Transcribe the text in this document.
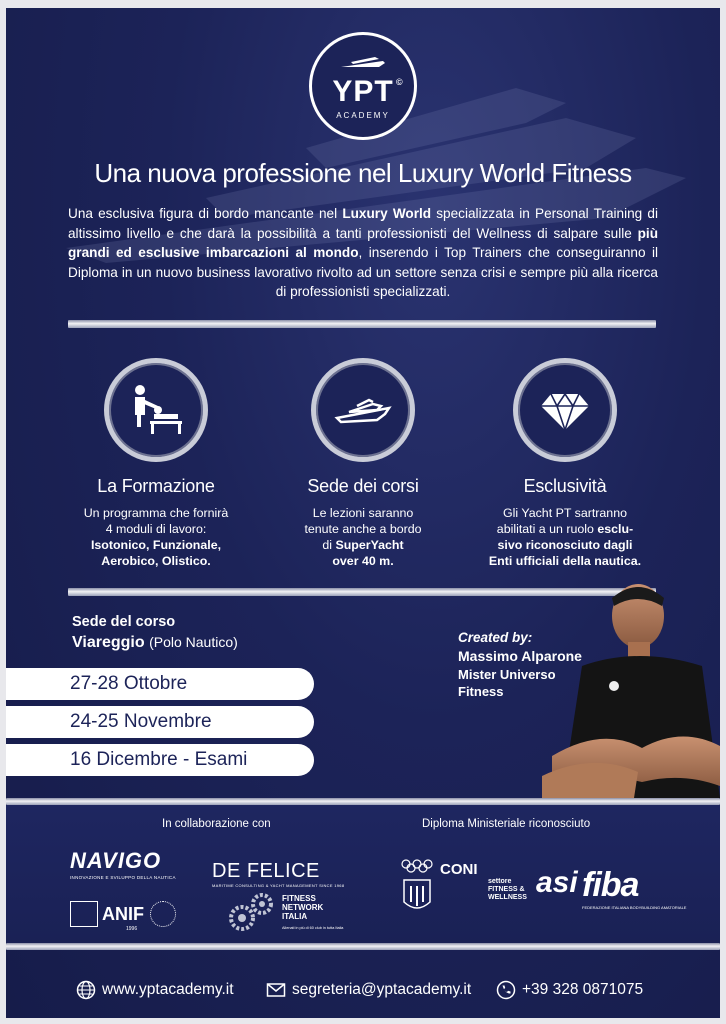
YPT ©
ACADEMY
Una nuova professione nel Luxury World Fitness

Una esclusiva figura di bordo mancante nel Luxury World specializzata in Personal Training di altissimo livello e che darà la possibilità a tanti professionisti del Wellness di salpare sulle più grandi ed esclusive imbarcazioni al mondo, inserendo i Top Trainers che conseguiranno il Diploma in un nuovo business lavorativo rivolto ad un settore senza crisi e sempre più alla ricerca di professionisti specializzati.

La Formazione

Un programma che fornirà
4 moduli di lavoro:
Isotonico, Funzionale,
Aerobico, Olistico.

Sede dei corsi

Le lezioni saranno
tenute anche a bordo
di SuperYacht
over 40 m.

Esclusività

Gli Yacht PT sartranno
abilitati a un ruolo esclu-
sivo riconosciuto dagli
Enti ufficiali della nautica.

Sede del corso
Viareggio (Polo Nautico)
27-28 Ottobre
24-25 Novembre
16 Dicembre - Esami
Created by:
Massimo Alparone
Mister Universo
Fitness
In collaborazione con	Diploma Ministeriale riconosciuto
NAVIGO
INNOVAZIONE E SVILUPPO DELLA NAUTICA
ANIF
1996
DE FELICE
MARITIME CONSULTING & YACHT MANAGEMENT SINCE 1968
FITNESS
NETWORK
ITALIA
Allenati in più di 60 club in tutta Italia
CONI
settore FITNESS & WELLNESS asi fiba
FEDERAZIONE ITALIANA BODYBUILDING AMATORIALE
www.yptacademy.it	segreteria@yptacademy.it	+39 328 0871075
